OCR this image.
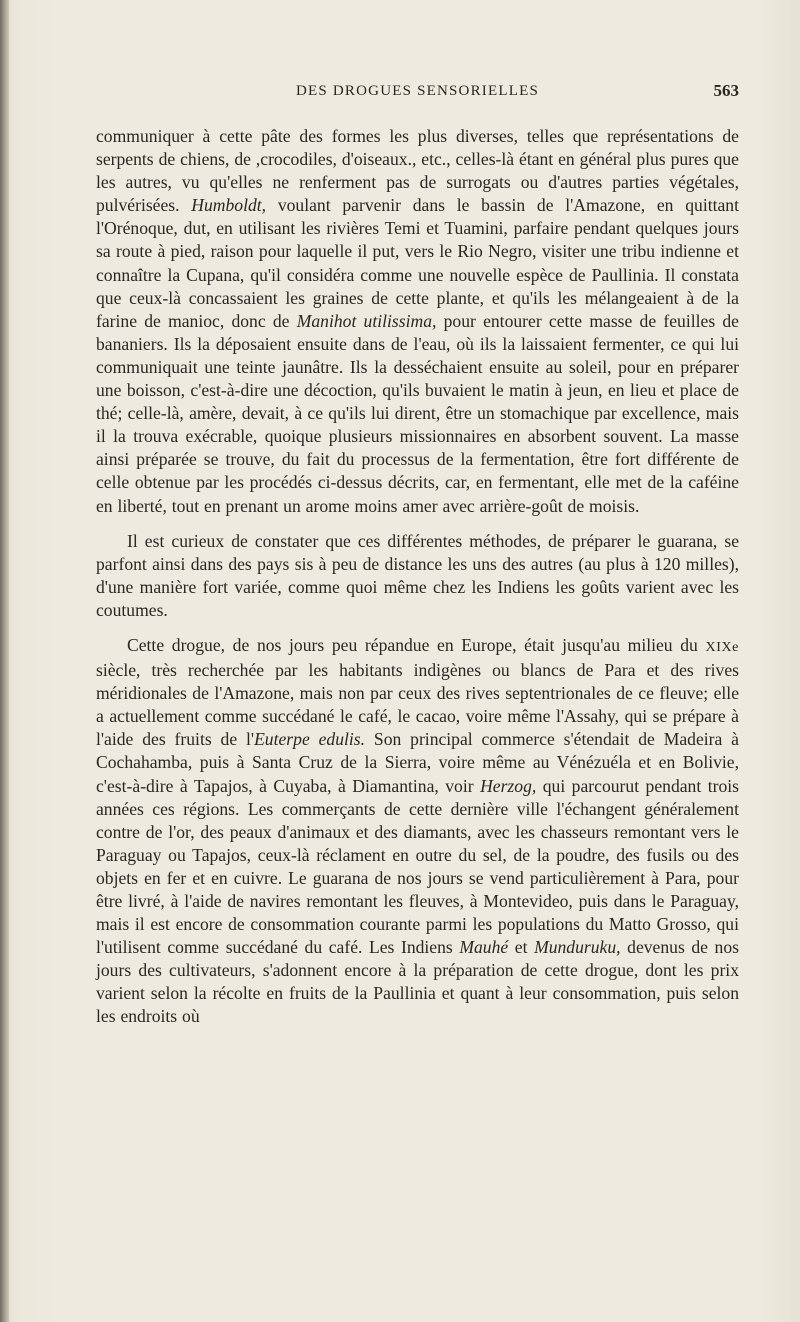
DES DROGUES SENSORIELLES	563

communiquer à cette pâte des formes les plus diverses, telles que représentations de serpents de chiens, de ,crocodiles, d'oiseaux., etc., celles-là étant en général plus pures que les autres, vu qu'elles ne renferment pas de surrogats ou d'autres parties végétales, pulvérisées. Humboldt, voulant parvenir dans le bassin de l'Amazone, en quittant l'Orénoque, dut, en utilisant les rivières Temi et Tuamini, parfaire pendant quelques jours sa route à pied, raison pour laquelle il put, vers le Rio Negro, visiter une tribu indienne et connaître la Cupana, qu'il considéra comme une nouvelle espèce de Paullinia. Il constata que ceux-là concassaient les graines de cette plante, et qu'ils les mélangeaient à de la farine de manioc, donc de Manihot utilissima, pour entourer cette masse de feuilles de bananiers. Ils la déposaient ensuite dans de l'eau, où ils la laissaient fermenter, ce qui lui communiquait une teinte jaunâtre. Ils la desséchaient ensuite au soleil, pour en préparer une boisson, c'est-à-dire une décoction, qu'ils buvaient le matin à jeun, en lieu et place de thé; celle-là, amère, devait, à ce qu'ils lui dirent, être un stomachique par excellence, mais il la trouva exécrable, quoique plusieurs missionnaires en absorbent souvent. La masse ainsi préparée se trouve, du fait du processus de la fermentation, être fort différente de celle obtenue par les procédés ci-dessus décrits, car, en fermentant, elle met de la caféine en liberté, tout en prenant un arome moins amer avec arrière-goût de moisis.

Il est curieux de constater que ces différentes méthodes, de préparer le guarana, se parfont ainsi dans des pays sis à peu de distance les uns des autres (au plus à 120 milles), d'une manière fort variée, comme quoi même chez les Indiens les goûts varient avec les coutumes.

Cette drogue, de nos jours peu répandue en Europe, était jusqu'au milieu du XIXe siècle, très recherchée par les habitants indigènes ou blancs de Para et des rives méridionales de l'Amazone, mais non par ceux des rives septentrionales de ce fleuve; elle a actuellement comme succédané le café, le cacao, voire même l'Assahy, qui se prépare à l'aide des fruits de l'Euterpe edulis. Son principal commerce s'étendait de Madeira à Cochahamba, puis à Santa Cruz de la Sierra, voire même au Vénézuéla et en Bolivie, c'est-à-dire à Tapajos, à Cuyaba, à Diamantina, voir Herzog, qui parcourut pendant trois années ces régions. Les commerçants de cette dernière ville l'échangent généralement contre de l'or, des peaux d'animaux et des diamants, avec les chasseurs remontant vers le Paraguay ou Tapajos, ceux-là réclament en outre du sel, de la poudre, des fusils ou des objets en fer et en cuivre. Le guarana de nos jours se vend particulièrement à Para, pour être livré, à l'aide de navires remontant les fleuves, à Montevideo, puis dans le Paraguay, mais il est encore de consommation courante parmi les populations du Matto Grosso, qui l'utilisent comme succédané du café. Les Indiens Mauhé et Munduruku, devenus de nos jours des cultivateurs, s'adonnent encore à la préparation de cette drogue, dont les prix varient selon la récolte en fruits de la Paullinia et quant à leur consommation, puis selon les endroits où
